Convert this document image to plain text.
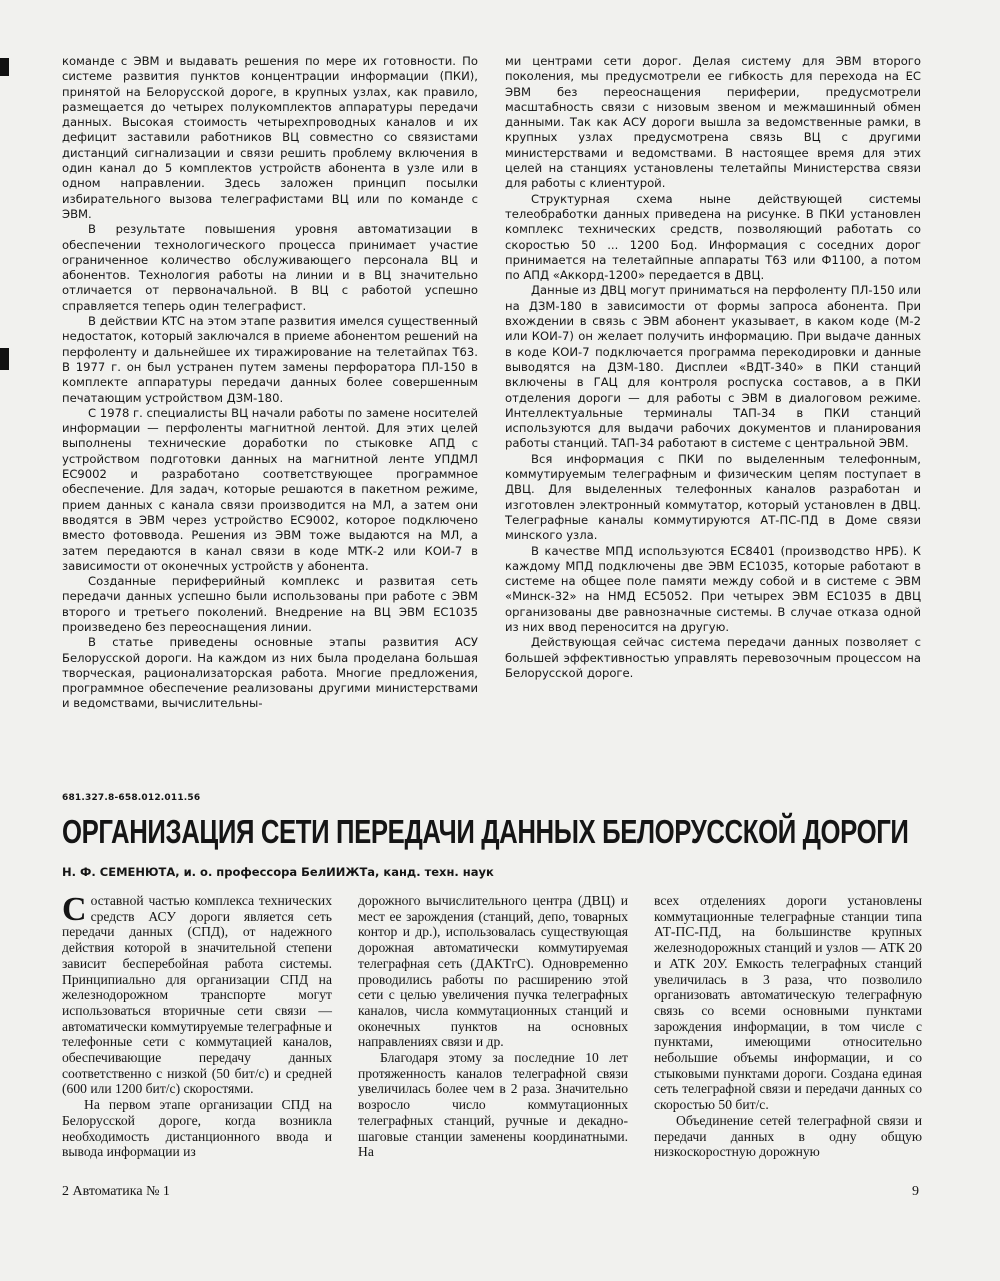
команде с ЭВМ и выдавать решения по мере их готовности. По системе развития пунктов концентрации информации (ПКИ), принятой на Белорусской дороге, в крупных узлах, как правило, размещается до четырех полукомплектов аппаратуры передачи данных. Высокая стоимость четырехпроводных каналов и их дефицит заставили работников ВЦ совместно со связистами дистанций сигнализации и связи решить проблему включения в один канал до 5 комплектов устройств абонента в узле или в одном направлении. Здесь заложен принцип посылки избирательного вызова телеграфистами ВЦ или по команде с ЭВМ.

В результате повышения уровня автоматизации в обеспечении технологического процесса принимает участие ограниченное количество обслуживающего персонала ВЦ и абонентов. Технология работы на линии и в ВЦ значительно отличается от первоначальной. В ВЦ с работой успешно справляется теперь один телеграфист.

В действии КТС на этом этапе развития имелся существенный недостаток, который заключался в приеме абонентом решений на перфоленту и дальнейшее их тиражирование на телетайпах Т63. В 1977 г. он был устранен путем замены перфоратора ПЛ-150 в комплекте аппаратуры передачи данных более совершенным печатающим устройством ДЗМ-180.

С 1978 г. специалисты ВЦ начали работы по замене носителей информации — перфоленты магнитной лентой. Для этих целей выполнены технические доработки по стыковке АПД с устройством подготовки данных на магнитной ленте УПДМЛ ЕС9002 и разработано соответствующее программное обеспечение. Для задач, которые решаются в пакетном режиме, прием данных с канала связи производится на МЛ, а затем они вводятся в ЭВМ через устройство ЕС9002, которое подключено вместо фотоввода. Решения из ЭВМ тоже выдаются на МЛ, а затем передаются в канал связи в коде МТК-2 или КОИ-7 в зависимости от оконечных устройств у абонента.

Созданные периферийный комплекс и развитая сеть передачи данных успешно были использованы при работе с ЭВМ второго и третьего поколений. Внедрение на ВЦ ЭВМ ЕС1035 произведено без переоснащения линии.

В статье приведены основные этапы развития АСУ Белорусской дороги. На каждом из них была проделана большая творческая, рационализаторская работа. Многие предложения, программное обеспечение реализованы другими министерствами и ведомствами, вычислительны-

ми центрами сети дорог. Делая систему для ЭВМ второго поколения, мы предусмотрели ее гибкость для перехода на ЕС ЭВМ без переоснащения периферии, предусмотрели масштабность связи с низовым звеном и межмашинный обмен данными. Так как АСУ дороги вышла за ведомственные рамки, в крупных узлах предусмотрена связь ВЦ с другими министерствами и ведомствами. В настоящее время для этих целей на станциях установлены телетайпы Министерства связи для работы с клиентурой.

Структурная схема ныне действующей системы телеобработки данных приведена на рисунке. В ПКИ установлен комплекс технических средств, позволяющий работать со скоростью 50 ... 1200 Бод. Информация с соседних дорог принимается на телетайпные аппараты Т63 или Ф1100, а потом по АПД «Аккорд-1200» передается в ДВЦ.

Данные из ДВЦ могут приниматься на перфоленту ПЛ-150 или на ДЗМ-180 в зависимости от формы запроса абонента. При вхождении в связь с ЭВМ абонент указывает, в каком коде (М-2 или КОИ-7) он желает получить информацию. При выдаче данных в коде КОИ-7 подключается программа перекодировки и данные выводятся на ДЗМ-180. Дисплеи «ВДТ-340» в ПКИ станций включены в ГАЦ для контроля роспуска составов, а в ПКИ отделения дороги — для работы с ЭВМ в диалоговом режиме. Интеллектуальные терминалы ТАП-34 в ПКИ станций используются для выдачи рабочих документов и планирования работы станций. ТАП-34 работают в системе с центральной ЭВМ.

Вся информация с ПКИ по выделенным телефонным, коммутируемым телеграфным и физическим цепям поступает в ДВЦ. Для выделенных телефонных каналов разработан и изготовлен электронный коммутатор, который установлен в ДВЦ. Телеграфные каналы коммутируются АТ-ПС-ПД в Доме связи минского узла.

В качестве МПД используются ЕС8401 (производство НРБ). К каждому МПД подключены две ЭВМ ЕС1035, которые работают в системе на общее поле памяти между собой и в системе с ЭВМ «Минск-32» на НМД ЕС5052. При четырех ЭВМ ЕС1035 в ДВЦ организованы две равнозначные системы. В случае отказа одной из них ввод переносится на другую.

Действующая сейчас система передачи данных позволяет с большей эффективностью управлять перевозочным процессом на Белорусской дороге.

681.327.8-658.012.011.56
ОРГАНИЗАЦИЯ СЕТИ ПЕРЕДАЧИ ДАННЫХ БЕЛОРУССКОЙ ДОРОГИ
Н. Ф. СЕМЕНЮТА, и. о. профессора БелИИЖТа, канд. техн. наук

Составной частью комплекса технических средств АСУ дороги является сеть передачи данных (СПД), от надежного действия которой в значительной степени зависит бесперебойная работа системы. Принципиально для организации СПД на железнодорожном транспорте могут использоваться вторичные сети связи — автоматически коммутируемые телеграфные и телефонные сети с коммутацией каналов, обеспечивающие передачу данных соответственно с низкой (50 бит/с) и средней (600 или 1200 бит/с) скоростями.

На первом этапе организации СПД на Белорусской дороге, когда возникла необходимость дистанционного ввода и вывода информации из

дорожного вычислительного центра (ДВЦ) и мест ее зарождения (станций, депо, товарных контор и др.), использовалась существующая дорожная автоматически коммутируемая телеграфная сеть (ДАКТгС). Одновременно проводились работы по расширению этой сети с целью увеличения пучка телеграфных каналов, числа коммутационных станций и оконечных пунктов на основных направлениях связи и др.

Благодаря этому за последние 10 лет протяженность каналов телеграфной связи увеличилась более чем в 2 раза. Значительно возросло число коммутационных телеграфных станций, ручные и декадно-шаговые станции заменены координатными. На

всех отделениях дороги установлены коммутационные телеграфные станции типа АТ-ПС-ПД, на большинстве крупных железнодорожных станций и узлов — АТК 20 и АТК 20У. Емкость телеграфных станций увеличилась в 3 раза, что позволило организовать автоматическую телеграфную связь со всеми основными пунктами зарождения информации, в том числе с пунктами, имеющими относительно небольшие объемы информации, и со стыковыми пунктами дороги. Создана единая сеть телеграфной связи и передачи данных со скоростью 50 бит/с.

Объединение сетей телеграфной связи и передачи данных в одну общую низкоскоростную дорожную

2 Автоматика № 1	9
